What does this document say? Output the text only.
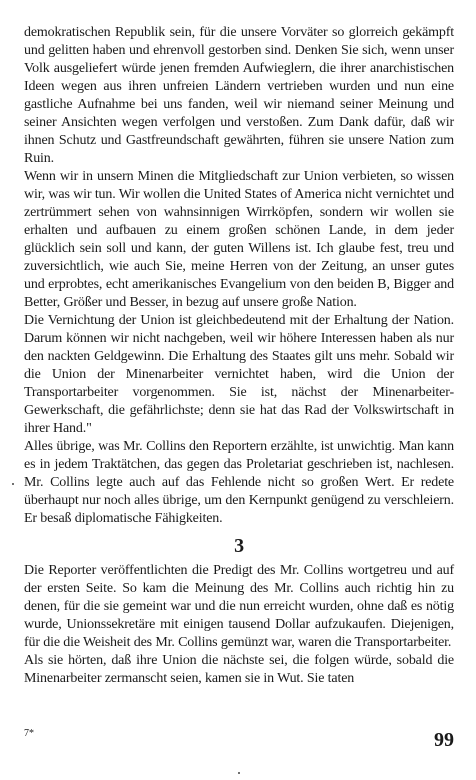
demokratischen Republik sein, für die unsere Vorväter so glorreich gekämpft und gelitten haben und ehrenvoll gestorben sind. Denken Sie sich, wenn unser Volk ausgeliefert würde jenen fremden Aufwieglern, die ihrer anarchistischen Ideen wegen aus ihren unfreien Ländern vertrieben wurden und nun eine gastliche Aufnahme bei uns fanden, weil wir niemand seiner Meinung und seiner Ansichten wegen verfolgen und verstoßen. Zum Dank dafür, daß wir ihnen Schutz und Gastfreundschaft gewährten, führen sie unsere Nation zum Ruin.

Wenn wir in unsern Minen die Mitgliedschaft zur Union verbieten, so wissen wir, was wir tun. Wir wollen die United States of America nicht vernichtet und zertrümmert sehen von wahnsinnigen Wirrköpfen, sondern wir wollen sie erhalten und aufbauen zu einem großen schönen Lande, in dem jeder glücklich sein soll und kann, der guten Willens ist. Ich glaube fest, treu und zuversichtlich, wie auch Sie, meine Herren von der Zeitung, an unser gutes und erprobtes, echt amerikanisches Evangelium von den beiden B, Bigger and Better, Größer und Besser, in bezug auf unsere große Nation.

Die Vernichtung der Union ist gleichbedeutend mit der Erhaltung der Nation. Darum können wir nicht nachgeben, weil wir höhere Interessen haben als nur den nackten Geldgewinn. Die Erhaltung des Staates gilt uns mehr. Sobald wir die Union der Minenarbeiter vernichtet haben, wird die Union der Transportarbeiter vorgenommen. Sie ist, nächst der Minenarbeiter-Gewerkschaft, die gefährlichste; denn sie hat das Rad der Volkswirtschaft in ihrer Hand."

Alles übrige, was Mr. Collins den Reportern erzählte, ist unwichtig. Man kann es in jedem Traktätchen, das gegen das Proletariat geschrieben ist, nachlesen. Mr. Collins legte auch auf das Fehlende nicht so großen Wert. Er redete überhaupt nur noch alles übrige, um den Kernpunkt genügend zu verschleiern. Er besaß diplomatische Fähigkeiten.

3

Die Reporter veröffentlichten die Predigt des Mr. Collins wortgetreu und auf der ersten Seite. So kam die Meinung des Mr. Collins auch richtig hin zu denen, für die sie gemeint war und die nun erreicht wurden, ohne daß es nötig wurde, Unionssekretäre mit einigen tausend Dollar aufzukaufen. Diejenigen, für die die Weisheit des Mr. Collins gemünzt war, waren die Transportarbeiter.

Als sie hörten, daß ihre Union die nächste sei, die folgen würde, sobald die Minenarbeiter zermanscht seien, kamen sie in Wut. Sie taten

7*	99
